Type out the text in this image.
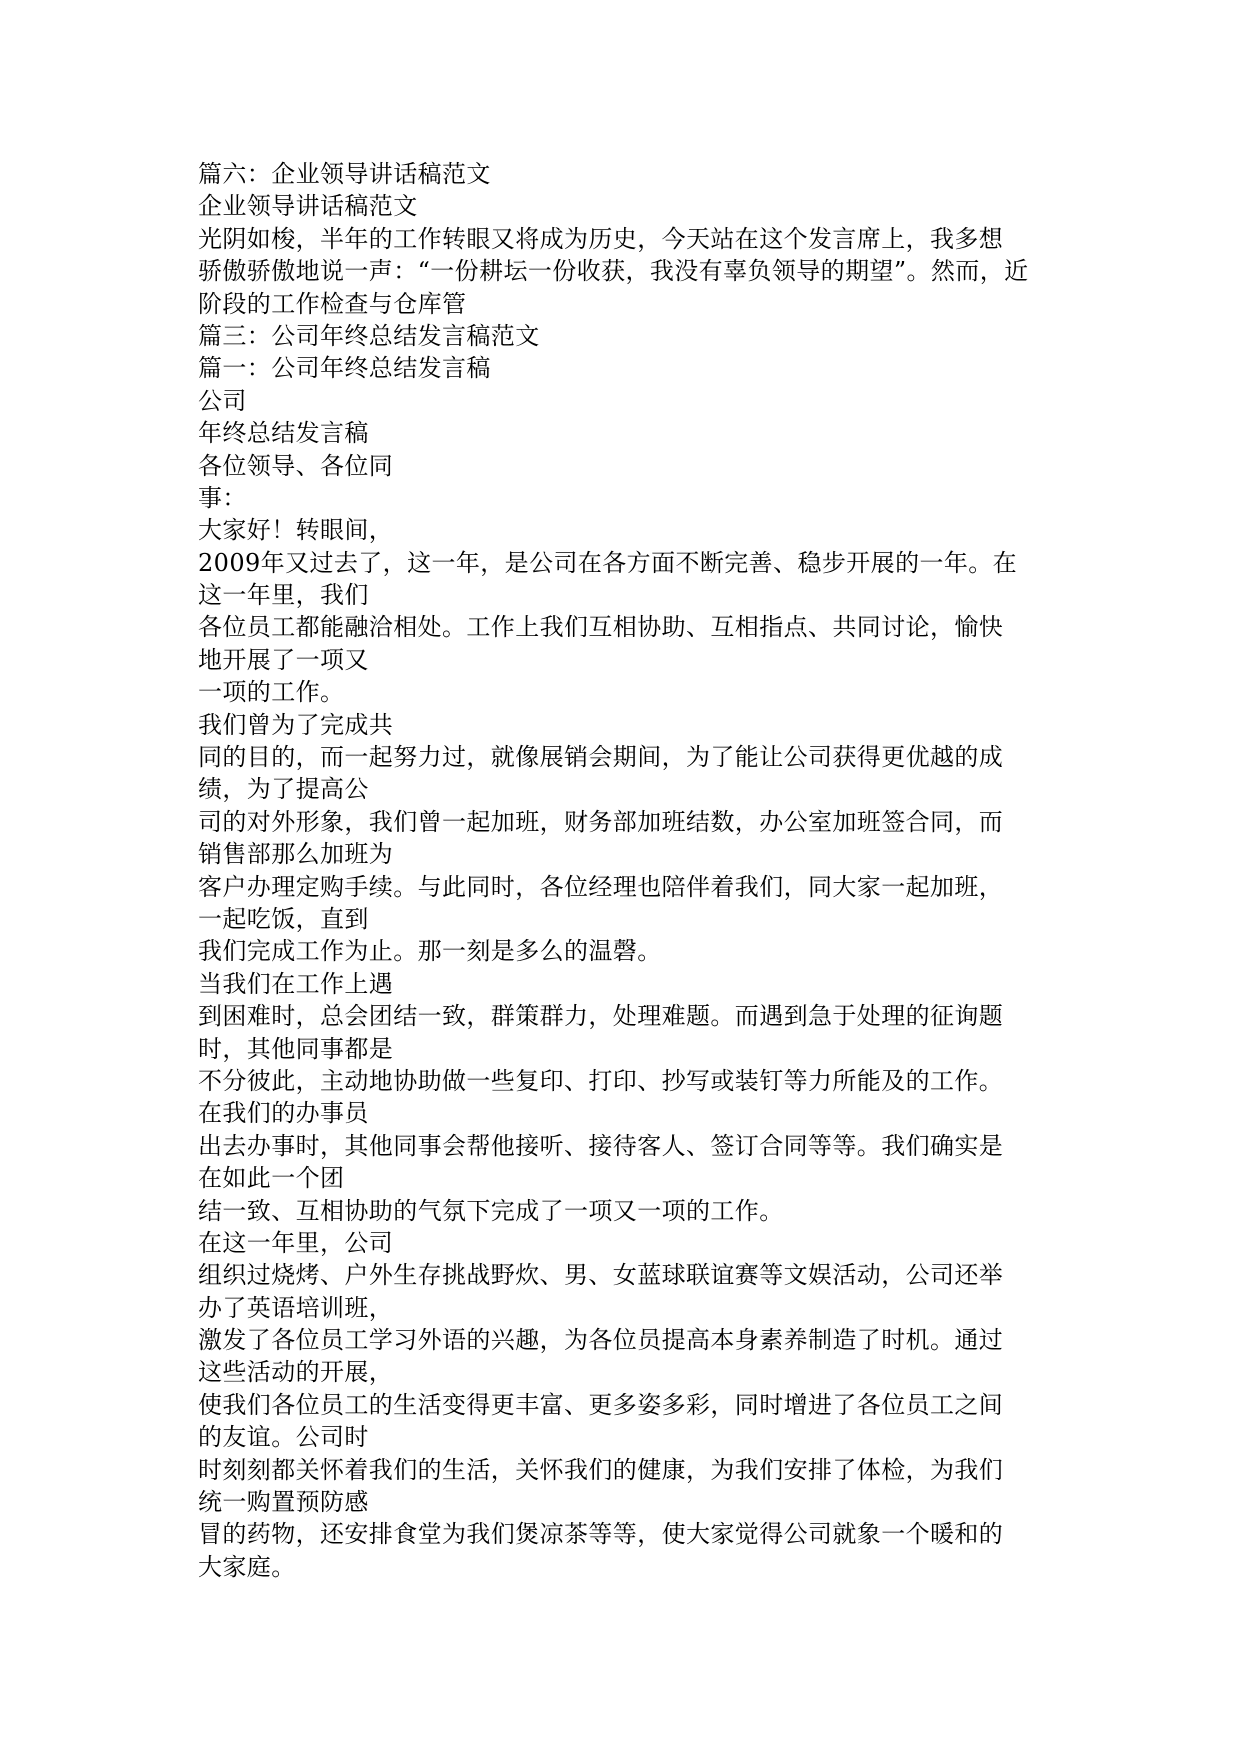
篇六：企业领导讲话稿范文
企业领导讲话稿范文
光阴如梭，半年的工作转眼又将成为历史，今天站在这个发言席上，我多想
骄傲骄傲地说一声：“一份耕坛一份收获，我没有辜负领导的期望”。然而，近
阶段的工作检查与仓库管
篇三：公司年终总结发言稿范文
篇一：公司年终总结发言稿
公司
年终总结发言稿
各位领导、各位同
事：
大家好！转眼间，
2009年又过去了，这一年，是公司在各方面不断完善、稳步开展的一年。在
这一年里，我们
各位员工都能融洽相处。工作上我们互相协助、互相指点、共同讨论，愉快
地开展了一项又
一项的工作。
我们曾为了完成共
同的目的，而一起努力过，就像展销会期间，为了能让公司获得更优越的成
绩，为了提高公
司的对外形象，我们曾一起加班，财务部加班结数，办公室加班签合同，而
销售部那么加班为
客户办理定购手续。与此同时，各位经理也陪伴着我们，同大家一起加班，
一起吃饭，直到
我们完成工作为止。那一刻是多么的温磬。
当我们在工作上遇
到困难时，总会团结一致，群策群力，处理难题。而遇到急于处理的征询题
时，其他同事都是
不分彼此，主动地协助做一些复印、打印、抄写或装钉等力所能及的工作。
在我们的办事员
出去办事时，其他同事会帮他接听、接待客人、签订合同等等。我们确实是
在如此一个团
结一致、互相协助的气氛下完成了一项又一项的工作。
在这一年里，公司
组织过烧烤、户外生存挑战野炊、男、女蓝球联谊赛等文娱活动，公司还举
办了英语培训班，
激发了各位员工学习外语的兴趣，为各位员提高本身素养制造了时机。通过
这些活动的开展，
使我们各位员工的生活变得更丰富、更多姿多彩，同时增进了各位员工之间
的友谊。公司时
时刻刻都关怀着我们的生活，关怀我们的健康，为我们安排了体检，为我们
统一购置预防感
冒的药物，还安排食堂为我们煲凉茶等等，使大家觉得公司就象一个暖和的
大家庭。
